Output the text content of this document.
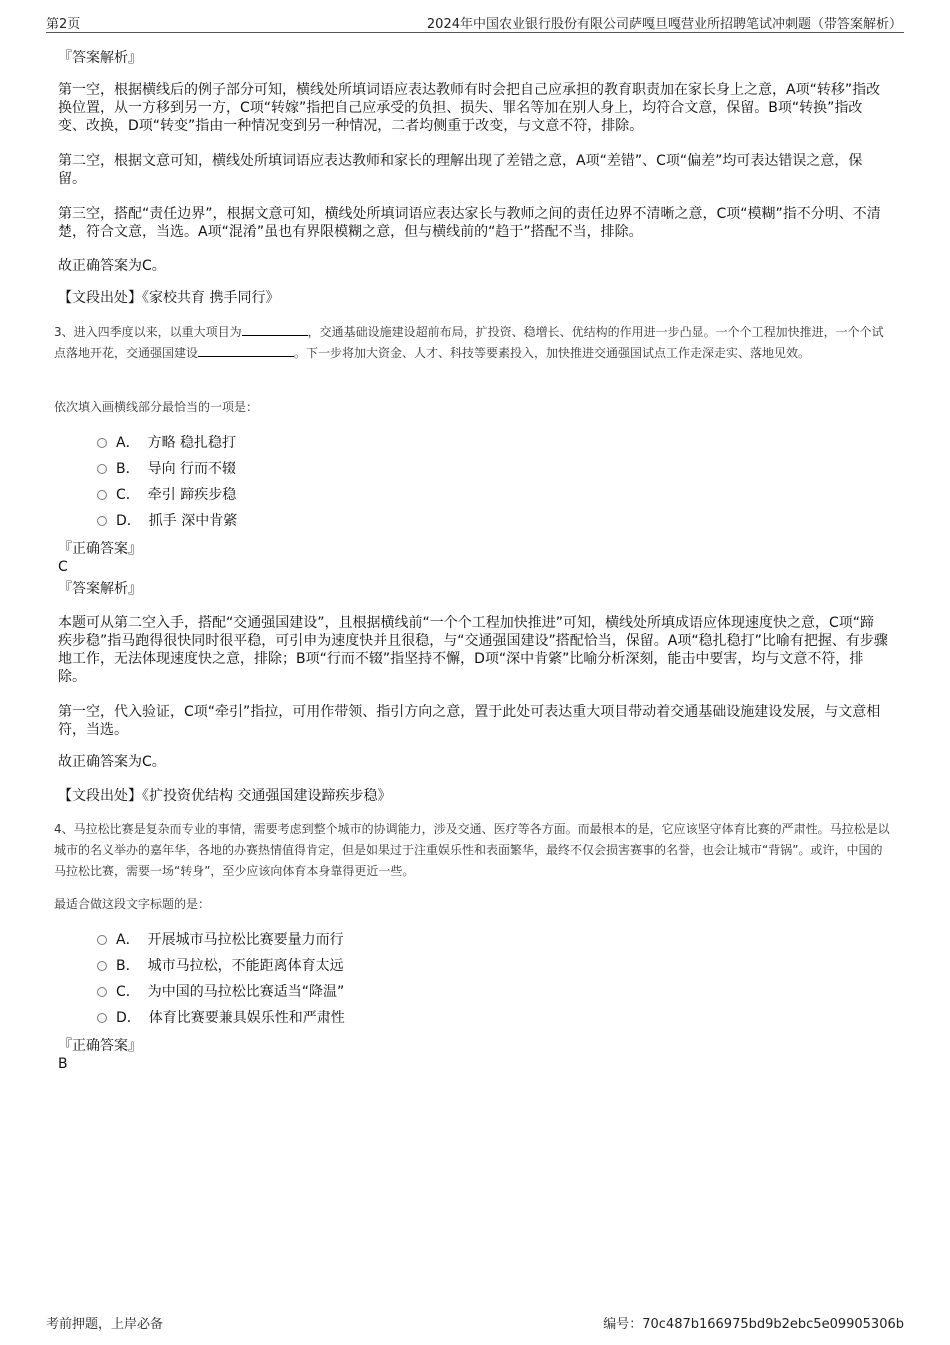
第2页	2024年中国农业银行股份有限公司萨嘎旦嘎营业所招聘笔试冲刺题（带答案解析）
『答案解析』
第一空，根据横线后的例子部分可知，横线处所填词语应表达教师有时会把自己应承担的教育职责加在家长身上之意，A项“转移”指改换位置，从一方移到另一方，C项“转嫁”指把自己应承受的负担、损失、罪名等加在别人身上，均符合文意，保留。B项“转换”指改变、改换，D项“转变”指由一种情况变到另一种情况，二者均侧重于改变，与文意不符，排除。
第二空，根据文意可知，横线处所填词语应表达教师和家长的理解出现了差错之意，A项“差错”、C项“偏差”均可表达错误之意，保留。
第三空，搭配“责任边界”，根据文意可知，横线处所填词语应表达家长与教师之间的责任边界不清晰之意，C项“模糊”指不分明、不清楚，符合文意，当选。A项“混淆”虽也有界限模糊之意，但与横线前的“趋于”搭配不当，排除。
故正确答案为C。
【文段出处】《家校共育 携手同行》
3、进入四季度以来，以重大项目为	，交通基础设施建设超前布局，扩投资、稳增长、优结构的作用进一步凸显。一个个工程加快推进，一个个试点落地开花，交通强国建设	。下一步将加大资金、人才、科技等要素投入，加快推进交通强国试点工作走深走实、落地见效。
依次填入画横线部分最恰当的一项是：
A． 方略 稳扎稳打
B． 导向 行而不辍
C． 牵引 蹄疾步稳
D． 抓手 深中肯綮
『正确答案』
C
『答案解析』
本题可从第二空入手，搭配“交通强国建设”，且根据横线前“一个个工程加快推进”可知，横线处所填成语应体现速度快之意，C项“蹄疾步稳”指马跑得很快同时很平稳，可引申为速度快并且很稳，与“交通强国建设”搭配恰当，保留。A项“稳扎稳打”比喻有把握、有步骤地工作，无法体现速度快之意，排除；B项“行而不辍”指坚持不懈，D项“深中肯綮”比喻分析深刻，能击中要害，均与文意不符，排除。
第一空，代入验证，C项“牵引”指拉，可用作带领、指引方向之意，置于此处可表达重大项目带动着交通基础设施建设发展，与文意相符，当选。
故正确答案为C。
【文段出处】《扩投资优结构 交通强国建设蹄疾步稳》
4、马拉松比赛是复杂而专业的事情，需要考虑到整个城市的协调能力，涉及交通、医疗等各方面。而最根本的是，它应该坚守体育比赛的严肃性。马拉松是以城市的名义举办的嘉年华，各地的办赛热情值得肯定，但是如果过于注重娱乐性和表面繁华，最终不仅会损害赛事的名誉，也会让城市“背锅”。或许，中国的马拉松比赛，需要一场“转身”，至少应该向体育本身靠得更近一些。
最适合做这段文字标题的是：
A． 开展城市马拉松比赛要量力而行
B． 城市马拉松，不能距离体育太远
C． 为中国的马拉松比赛适当“降温”
D． 体育比赛要兼具娱乐性和严肃性
『正确答案』
B
考前押题，上岸必备	编号：70c487b166975bd9b2ebc5e09905306b
